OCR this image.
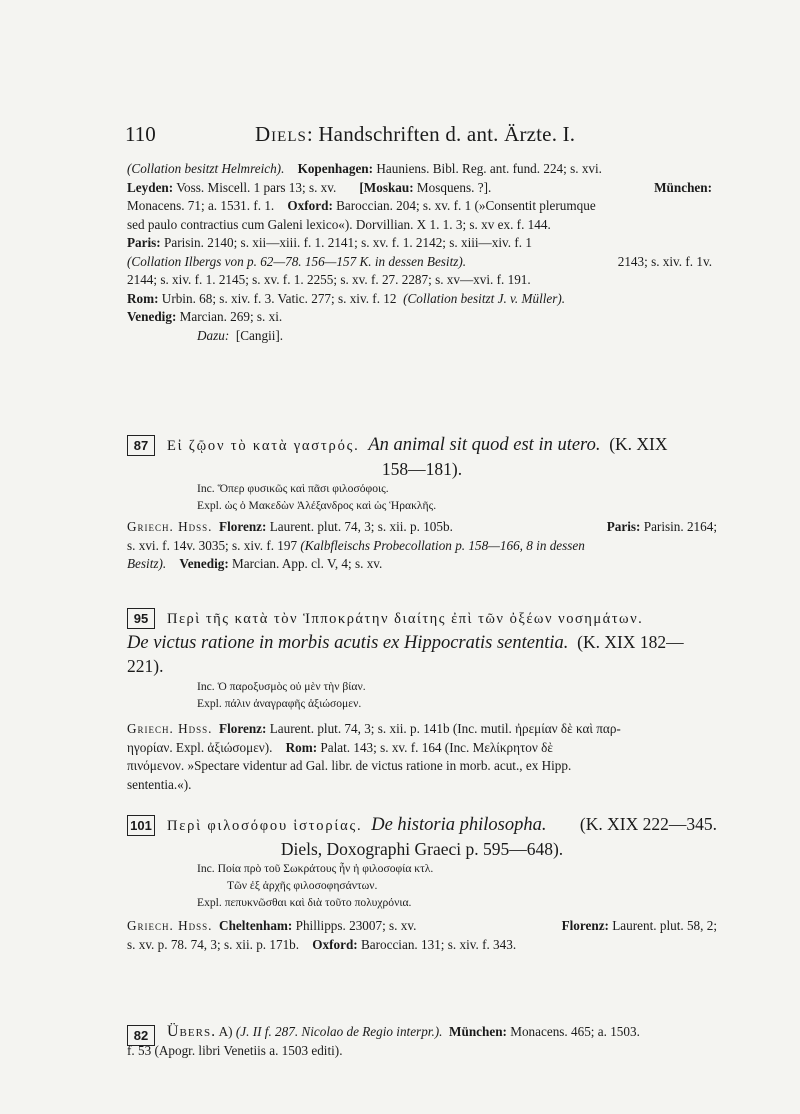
110	Diels: Handschriften d. ant. Ärzte. I.
(Collation besitzt Helmreich). Kopenhagen: Hauniens. Bibl. Reg. ant. fund. 224; s. xvi.
Leyden: Voss. Miscell. 1 pars 13; s. xv. [Moskau: Mosquens. ?].	München:
Monacens. 71; a. 1531. f. 1. Oxford: Baroccian. 204; s. xv. f. 1 (»Consentit plerumque
sed paulo contractius cum Galeni lexico«). Dorvillian. X 1. 1. 3; s. xv ex. f. 144.
Paris: Parisin. 2140; s. xii—xiii. f. 1. 2141; s. xv. f. 1. 2142; s. xiii—xiv. f. 1
(Collation Ilbergs von p. 62—78. 156—157 K. in dessen Besitz).	2143; s. xiv. f. 1v.
2144; s. xiv. f. 1. 2145; s. xv. f. 1. 2255; s. xv. f. 27. 2287; s. xv—xvi. f. 191.
Rom: Urbin. 68; s. xiv. f. 3. Vatic. 277; s. xiv. f. 12 (Collation besitzt J. v. Müller).
Venedig: Marcian. 269; s. xi.
Dazu: [Cangii].
87	Εἰ ζῷον τὸ κατὰ γαστρός. An animal sit quod est in utero. (K. XIX
158—181).
Inc. Ὅπερ φυσικῶς καὶ πᾶσι φιλοσόφοις.
Expl. ὡς ὁ Μακεδὼν Ἀλέξανδρος καὶ ὡς Ἡρακλῆς.
Griech. Hdss. Florenz: Laurent. plut. 74, 3; s. xii. p. 105b.	Paris: Parisin. 2164;
s. xvi. f. 14v. 3035; s. xiv. f. 197 (Kalbfleischs Probecollation p. 158—166, 8 in dessen
Besitz). Venedig: Marcian. App. cl. V, 4; s. xv.
95	Περὶ τῆς κατὰ τὸν Ἱπποκράτην διαίτης ἐπὶ τῶν ὀξέων νοσημάτων.
De victus ratione in morbis acutis ex Hippocratis sententia. (K. XIX 182—221).
Inc. Ὁ παροξυσμὸς οὐ μὲν τὴν βίαν.
Expl. πάλιν ἀναγραφῆς ἀξιώσομεν.
Griech. Hdss. Florenz: Laurent. plut. 74, 3; s. xii. p. 141b (Inc. mutil. ἠρεμίαν δὲ καὶ παρ-
ηγορίαν. Expl. ἀξιώσομεν). Rom: Palat. 143; s. xv. f. 164 (Inc. Μελίκρητον δὲ
πινόμενον. »Spectare videntur ad Gal. libr. de victus ratione in morb. acut., ex Hipp.
sententia.«).
101	Περὶ φιλοσόφου ἱστορίας. De historia philosopha. (K. XIX 222—345.
Diels, Doxographi Graeci p. 595—648).
Inc. Ποία πρὸ τοῦ Σωκράτους ἦν ἡ φιλοσοφία κτλ.
Τῶν ἐξ ἀρχῆς φιλοσοφησάντων.
Expl. πεπυκνῶσθαι καὶ διὰ τοῦτο πολυχρόνια.
Griech. Hdss. Cheltenham: Phillipps. 23007; s. xv.	Florenz: Laurent. plut. 58, 2;
s. xv. p. 78. 74, 3; s. xii. p. 171b. Oxford: Baroccian. 131; s. xiv. f. 343.
82	Übers. A) (J. II f. 287. Nicolao de Regio interpr.). München: Monacens. 465; a. 1503.
f. 53 (Apogr. libri Venetiis a. 1503 editi).
